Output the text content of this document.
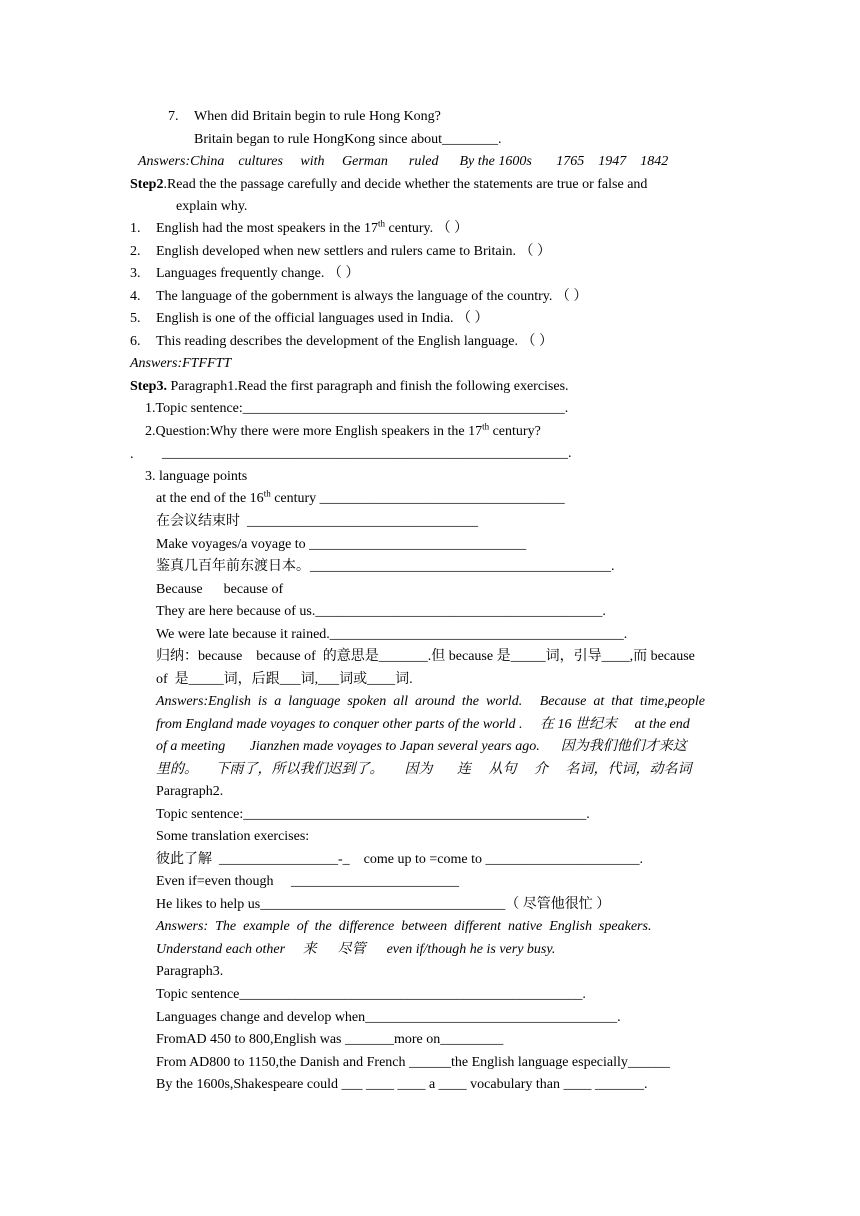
7. When did Britain begin to rule Hong Kong?
Britain began to rule HongKong since about________.
Answers:China    cultures     with     German      ruled      By the 1600s       1765    1947    1842
Step2.Read the the passage carefully and decide whether the statements are true or false and
explain why.
1. English had the most speakers in the 17th century. （ ）
2. English developed when new settlers and rulers came to Britain. （ ）
3. Languages frequently change. （ ）
4. The language of the gobernment is always the language of the country. （ ）
5. English is one of the official languages used in India. （ ）
6. This reading describes the development of the English language. （ ）
Answers:FTFFTT
Step3. Paragraph1.Read the first paragraph and finish the following exercises.
1.Topic sentence:______________________________________________.
2.Question:Why there were more English speakers in the 17th century?
. __________________________________________________________.
3. language points
at the end of the 16th century ___________________________________
在会议结束时  _________________________________
Make voyages/a voyage to _______________________________
鉴真几百年前东渡日本。___________________________________________.
Because      because of
They are here because of us._________________________________________.
We were late because it rained.__________________________________________.
归纳：because    because of  的意思是_______.但 because 是_____词，引导____,而 because
of  是_____词，后跟___词,___词或____词.
Answers:English  is  a  language  spoken  all  around  the  world.     Because  at  that  time,people
from England made voyages to conquer other parts of the world .     在 16 世纪末     at the end
of a meeting       Jianzhen made voyages to Japan several years ago.      因为我们他们才来这
里的。     下雨了，所以我们迟到了。      因为       连     从句     介     名词，代词，动名词
Paragraph2.
Topic sentence:_________________________________________________.
Some translation exercises:
彼此了解  _________________-_    come up to =come to ______________________.
Even if=even though     ________________________
He likes to help us___________________________________（ 尽管他很忙 ）
Answers:  The  example  of  the  difference  between  different  native  English  speakers.
Understand each other     来      尽管      even if/though he is very busy.
Paragraph3.
Topic sentence_________________________________________________.
Languages change and develop when____________________________________.
FromAD 450 to 800,English was _______more on_________
From AD800 to 1150,the Danish and French ______the English language especially______
By the 1600s,Shakespeare could ___ ____ ____ a ____ vocabulary than ____ _______.
